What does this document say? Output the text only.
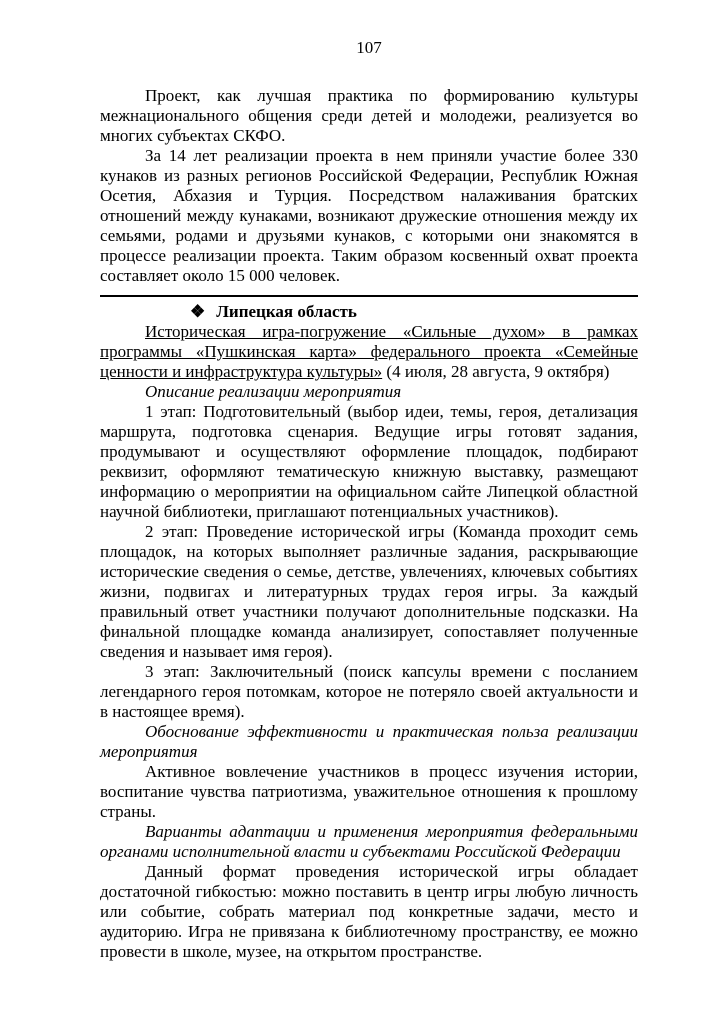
107

Проект, как лучшая практика по формированию культуры межнационального общения среди детей и молодежи, реализуется во многих субъектах СКФО.

За 14 лет реализации проекта в нем приняли участие более 330 кунаков из разных регионов Российской Федерации, Республик Южная Осетия, Абхазия и Турция. Посредством налаживания братских отношений между кунаками, возникают дружеские отношения между их семьями, родами и друзьями кунаков, с которыми они знакомятся в процессе реализации проекта. Таким образом косвенный охват проекта составляет около 15 000 человек.

❖ Липецкая область

Историческая игра-погружение «Сильные духом» в рамках программы «Пушкинская карта» федерального проекта «Семейные ценности и инфраструктура культуры» (4 июля, 28 августа, 9 октября)

Описание реализации мероприятия

1 этап: Подготовительный (выбор идеи, темы, героя, детализация маршрута, подготовка сценария. Ведущие игры готовят задания, продумывают и осуществляют оформление площадок, подбирают реквизит, оформляют тематическую книжную выставку, размещают информацию о мероприятии на официальном сайте Липецкой областной научной библиотеки, приглашают потенциальных участников).

2 этап: Проведение исторической игры (Команда проходит семь площадок, на которых выполняет различные задания, раскрывающие исторические сведения о семье, детстве, увлечениях, ключевых событиях жизни, подвигах и литературных трудах героя игры. За каждый правильный ответ участники получают дополнительные подсказки. На финальной площадке команда анализирует, сопоставляет полученные сведения и называет имя героя).

3 этап: Заключительный (поиск капсулы времени с посланием легендарного героя потомкам, которое не потеряло своей актуальности и в настоящее время).

Обоснование эффективности и практическая польза реализации мероприятия

Активное вовлечение участников в процесс изучения истории, воспитание чувства патриотизма, уважительное отношения к прошлому страны.

Варианты адаптации и применения мероприятия федеральными органами исполнительной власти и субъектами Российской Федерации

Данный формат проведения исторической игры обладает достаточной гибкостью: можно поставить в центр игры любую личность или событие, собрать материал под конкретные задачи, место и аудиторию. Игра не привязана к библиотечному пространству, ее можно провести в школе, музее, на открытом пространстве.
